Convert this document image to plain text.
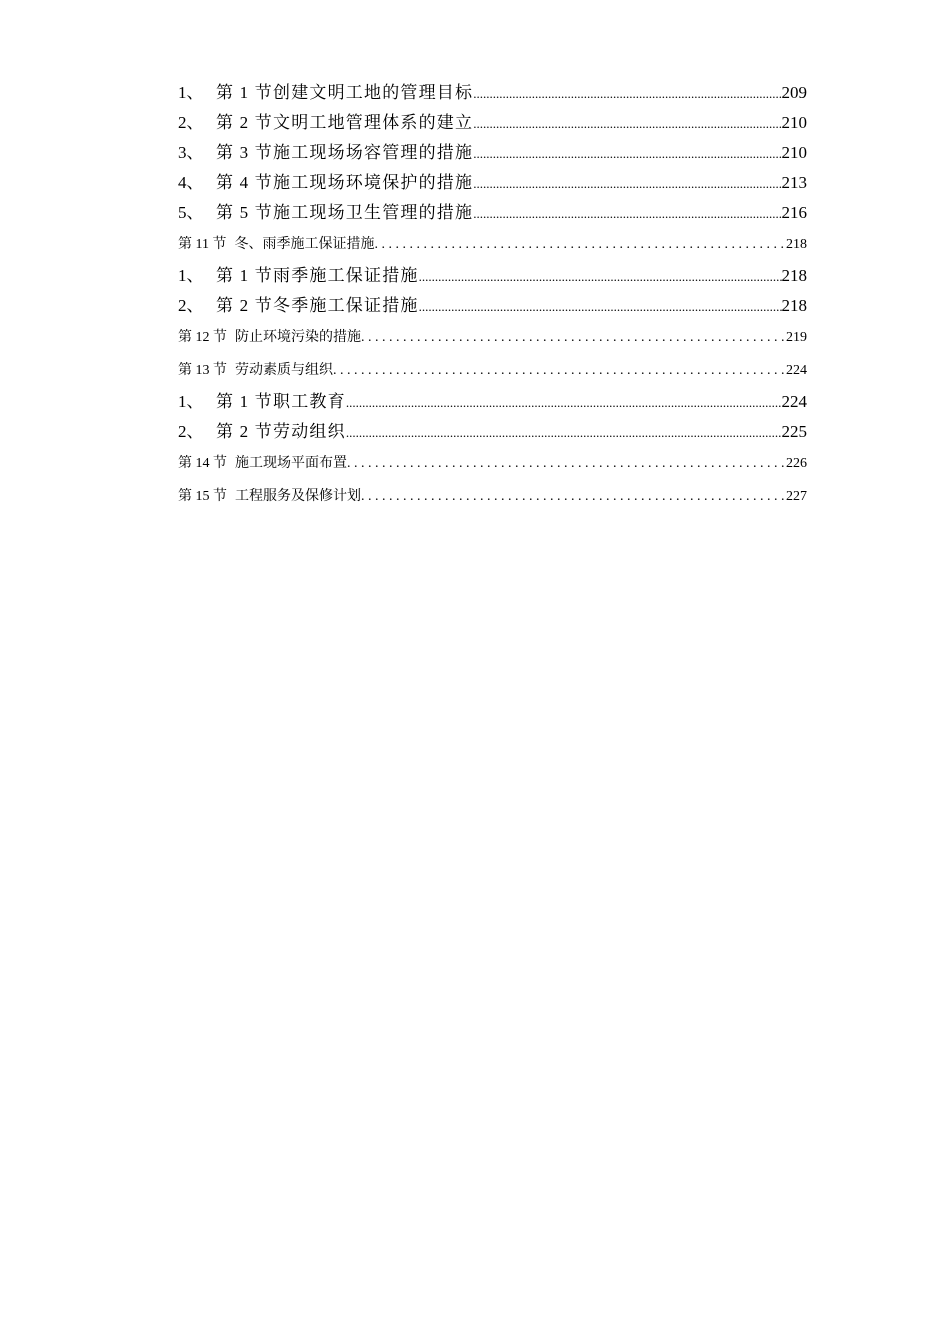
1、 第 1 节创建文明工地的管理目标 .....	209
2、 第 2 节文明工地管理体系的建立 .....	210
3、 第 3 节施工现场场容管理的措施 .....	210
4、 第 4 节施工现场环境保护的措施 .....	213
5、 第 5 节施工现场卫生管理的措施 .....	216
第 11 节 冬、雨季施工保证措施 . . .	218
1、 第 1 节雨季施工保证措施 .....	218
2、 第 2 节冬季施工保证措施 .....	218
第 12 节 防止环境污染的措施 . . .	219
第 13 节 劳动素质与组织 . . .	224
1、 第 1 节职工教育 .....	224
2、 第 2 节劳动组织 .....	225
第 14 节 施工现场平面布置 . . .	226
第 15 节 工程服务及保修计划 . . .	227
